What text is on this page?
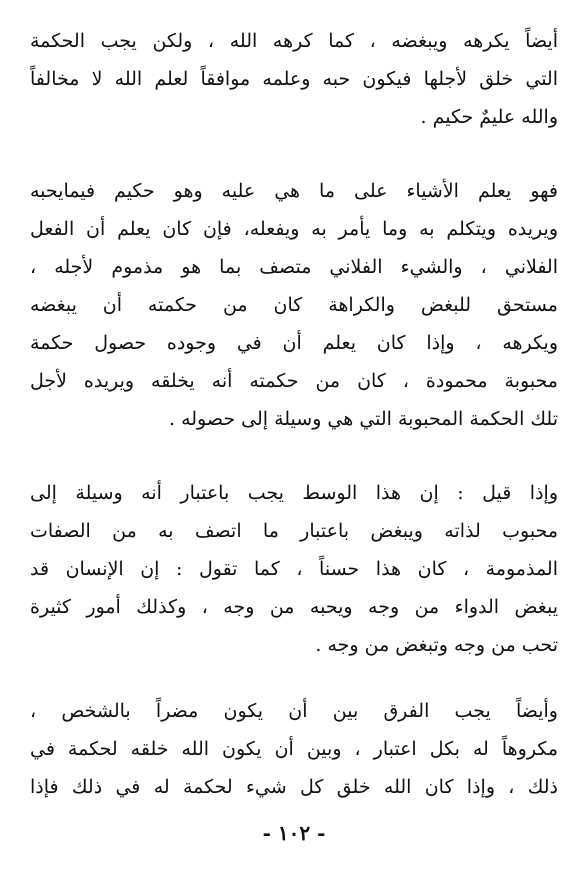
أيضاً يكرهه ويبغضه ، كما كرهه الله ، ولكن يجب الحكمة
التي خلق لأجلها فيكون حبه وعلمه موافقاً لعلم الله لا مخالفاً
والله عليمٌ حكيم .
فهو يعلم الأشياء على ما هي عليه وهو حكيم فيمايحبه
ويريده ويتكلم به وما يأمر به ويفعله، فإن كان يعلم أن الفعل
الفلاني ، والشيء الفلاني متصف بما هو مذموم لأجله ،
مستحق للبغض والكراهة كان من حكمته أن يبغضه
ويكرهه ، وإذا كان يعلم أن في وجوده حصول حكمة
محبوبة محمودة ، كان من حكمته أنه يخلقه ويريده لأجل
تلك الحكمة المحبوبة التي هي وسيلة إلى حصوله .
وإذا قيل : إن هذا الوسط يجب باعتبار أنه وسيلة إلى
محبوب لذاته ويبغض باعتبار ما اتصف به من الصفات
المذمومة ، كان هذا حسناً ، كما تقول : إن الإنسان قد
يبغض الدواء من وجه ويحبه من وجه ، وكذلك أمور كثيرة
تحب من وجه وتبغض من وجه .
وأيضاً يجب الفرق بين أن يكون مضراً بالشخص ،
مكروهاً له بكل اعتبار ، وبين أن يكون الله خلقه لحكمة في
ذلك ، وإذا كان الله خلق كل شيء لحكمة له في ذلك فإذا
- ١٠٢ -
